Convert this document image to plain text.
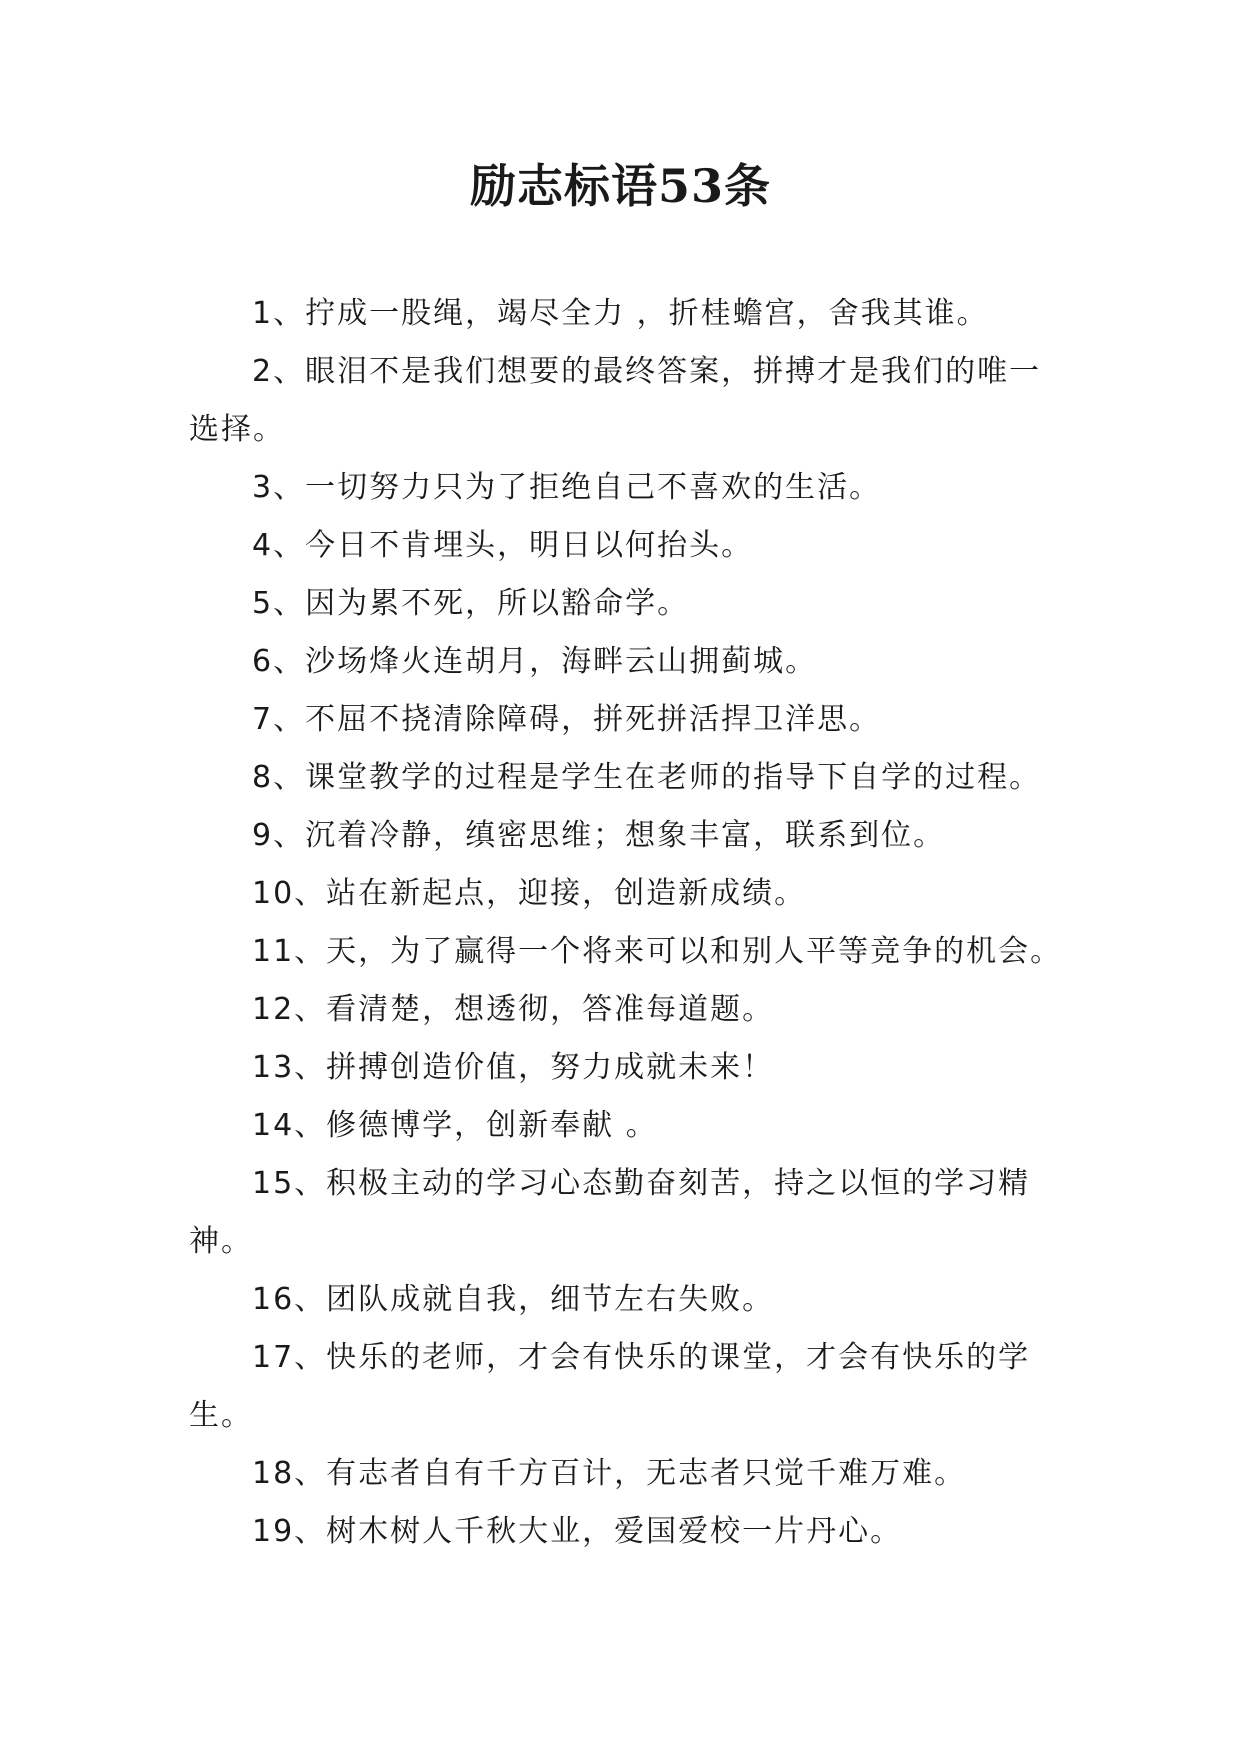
励志标语53条
1、拧成一股绳，竭尽全力 ，折桂蟾宫，舍我其谁。
2、眼泪不是我们想要的最终答案，拼搏才是我们的唯一选择。
3、一切努力只为了拒绝自己不喜欢的生活。
4、今日不肯埋头，明日以何抬头。
5、因为累不死，所以豁命学。
6、沙场烽火连胡月，海畔云山拥蓟城。
7、不屈不挠清除障碍，拼死拼活捍卫洋思。
8、课堂教学的过程是学生在老师的指导下自学的过程。
9、沉着冷静，缜密思维；想象丰富，联系到位。
10、站在新起点，迎接，创造新成绩。
11、天，为了赢得一个将来可以和别人平等竞争的机会。
12、看清楚，想透彻，答准每道题。
13、拼搏创造价值，努力成就未来！
14、修德博学，创新奉献 。
15、积极主动的学习心态勤奋刻苦，持之以恒的学习精神。
16、团队成就自我，细节左右失败。
17、快乐的老师，才会有快乐的课堂，才会有快乐的学生。
18、有志者自有千方百计，无志者只觉千难万难。
19、树木树人千秋大业，爱国爱校一片丹心。
